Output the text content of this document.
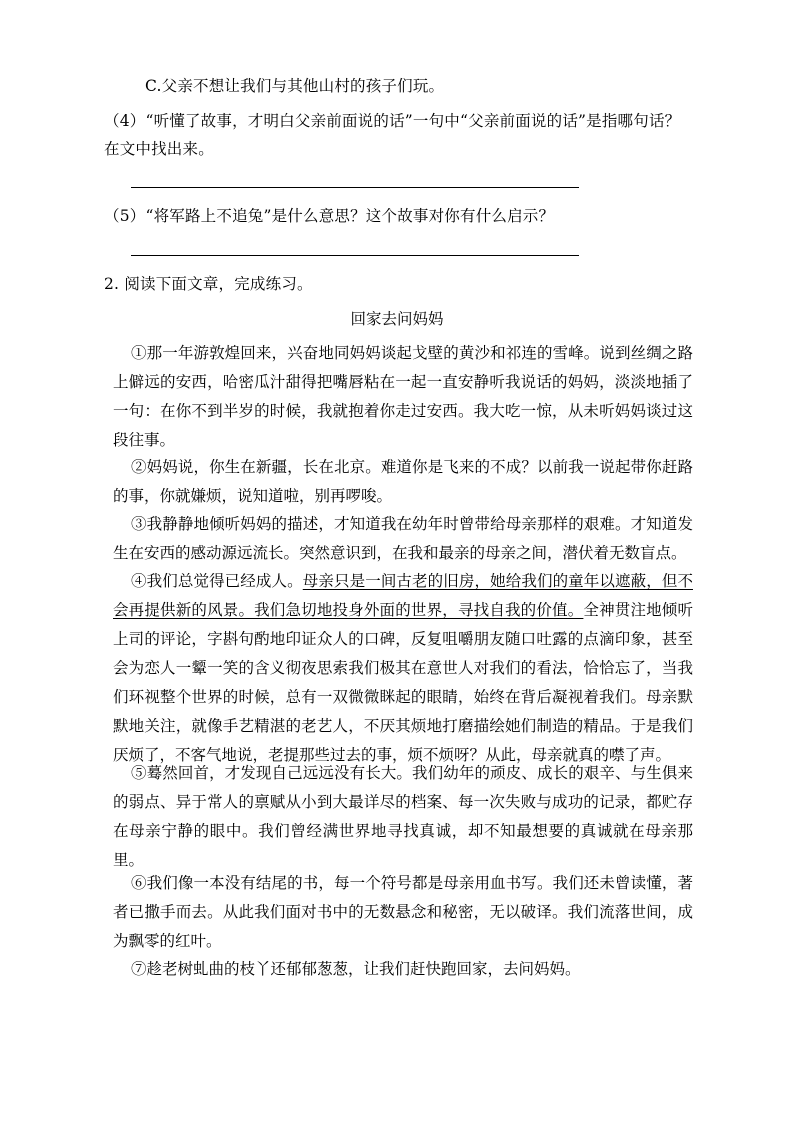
C.父亲不想让我们与其他山村的孩子们玩。
（4）“听懂了故事，才明白父亲前面说的话”一句中“父亲前面说的话”是指哪句话？
在文中找出来。
（5）“将军路上不追兔”是什么意思？这个故事对你有什么启示？
2. 阅读下面文章，完成练习。
回家去问妈妈

①那一年游敦煌回来，兴奋地同妈妈谈起戈壁的黄沙和祁连的雪峰。说到丝绸之路上僻远的安西，哈密瓜汁甜得把嘴唇粘在一起一直安静听我说话的妈妈，淡淡地插了一句：在你不到半岁的时候，我就抱着你走过安西。我大吃一惊，从未听妈妈谈过这段往事。

②妈妈说，你生在新疆，长在北京。难道你是飞来的不成？以前我一说起带你赶路的事，你就嫌烦，说知道啦，别再啰唆。

③我静静地倾听妈妈的描述，才知道我在幼年时曾带给母亲那样的艰难。才知道发生在安西的感动源远流长。突然意识到，在我和最亲的母亲之间，潜伏着无数盲点。

④我们总觉得已经成人。母亲只是一间古老的旧房，她给我们的童年以遮蔽，但不会再提供新的风景。我们急切地投身外面的世界，寻找自我的价值。全神贯注地倾听上司的评论，字斟句酌地印证众人的口碑，反复咀嚼朋友随口吐露的点滴印象，甚至会为恋人一颦一笑的含义彻夜思索我们极其在意世人对我们的看法，恰恰忘了，当我们环视整个世界的时候，总有一双微微眯起的眼睛，始终在背后凝视着我们。母亲默默地关注，就像手艺精湛的老艺人，不厌其烦地打磨描绘她们制造的精品。于是我们厌烦了，不客气地说，老提那些过去的事，烦不烦呀？从此，母亲就真的噤了声。

⑤蓦然回首，才发现自己远远没有长大。我们幼年的顽皮、成长的艰辛、与生俱来的弱点、异于常人的禀赋从小到大最详尽的档案、每一次失败与成功的记录，都贮存在母亲宁静的眼中。我们曾经满世界地寻找真诚，却不知最想要的真诚就在母亲那里。

⑥我们像一本没有结尾的书，每一个符号都是母亲用血书写。我们还未曾读懂，著者已撒手而去。从此我们面对书中的无数悬念和秘密，无以破译。我们流落世间，成为飘零的红叶。

⑦趁老树虬曲的枝丫还郁郁葱葱，让我们赶快跑回家，去问妈妈。
